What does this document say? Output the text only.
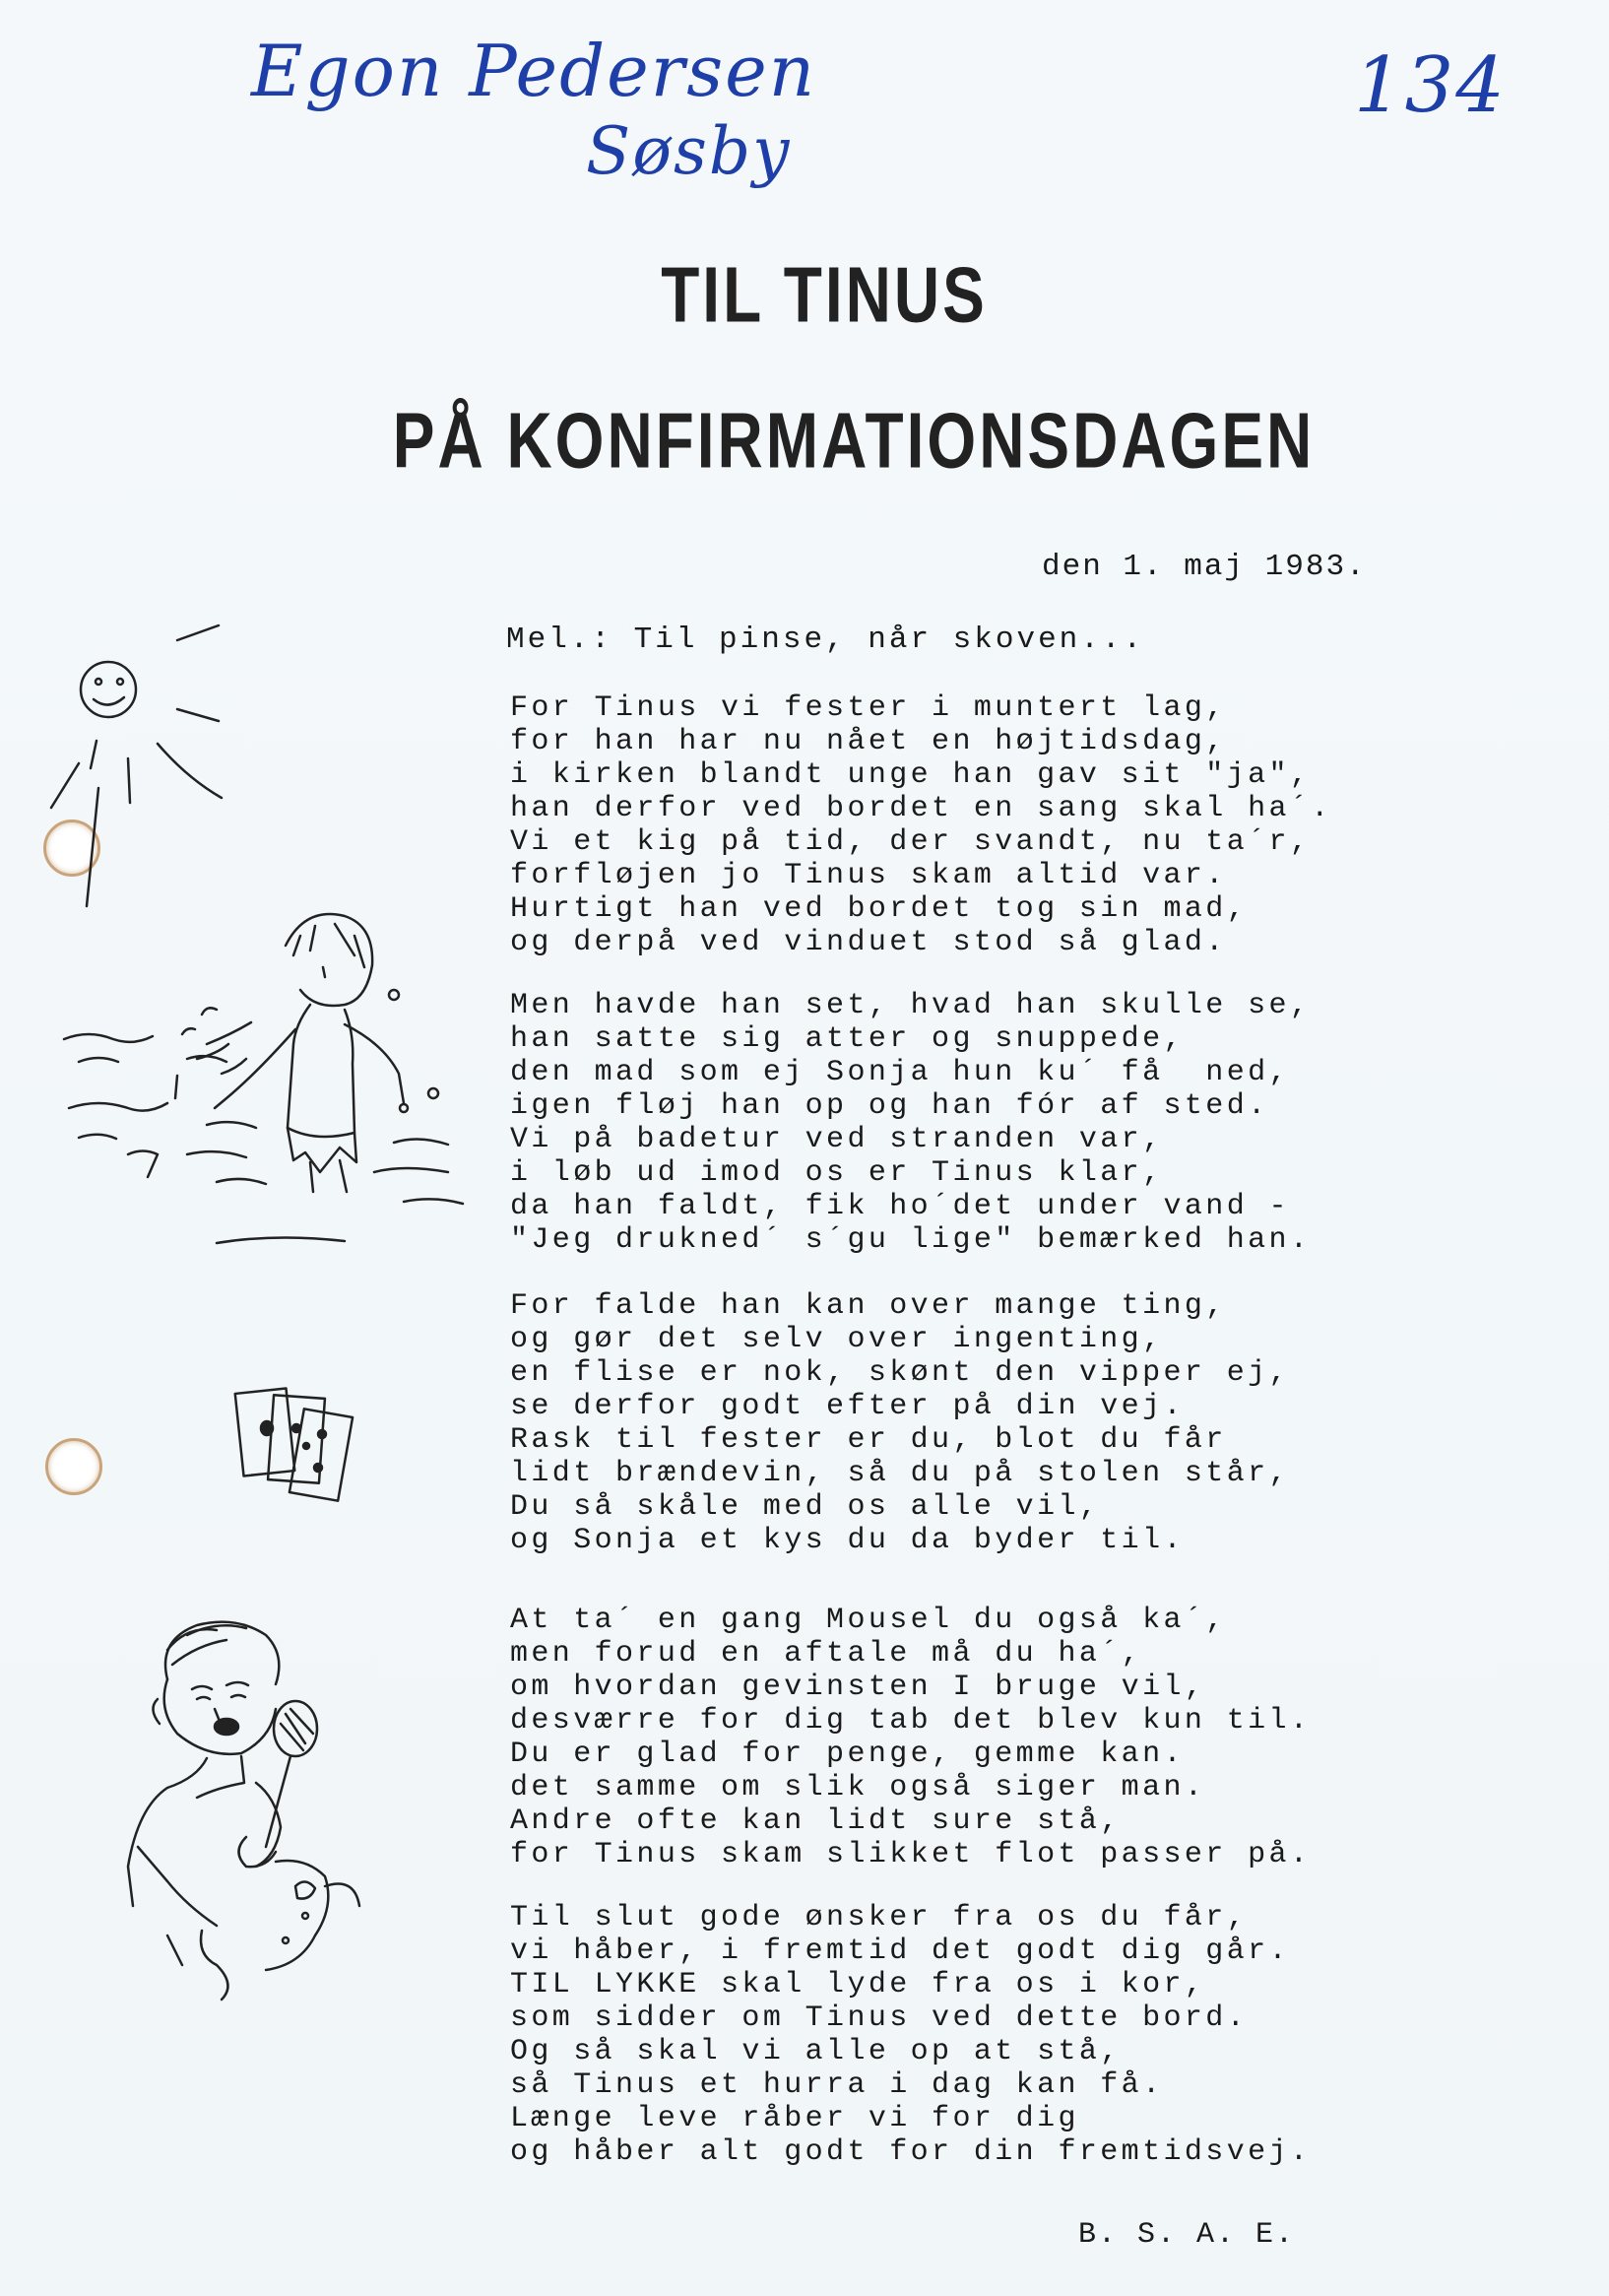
Egon Pedersen
Søsby
134
TIL TINUS
PÅ KONFIRMATIONSDAGEN
den 1. maj 1983.
Mel.: Til pinse, når skoven...

For Tinus vi fester i muntert lag,
for han har nu nået en højtidsdag,
i kirken blandt unge han gav sit "ja",
han derfor ved bordet en sang skal ha´.
Vi et kig på tid, der svandt, nu ta´r,
forfløjen jo Tinus skam altid var.
Hurtigt han ved bordet tog sin mad,
og derpå ved vinduet stod så glad.

Men havde han set, hvad han skulle se,
han satte sig atter og snuppede,
den mad som ej Sonja hun ku´ få  ned,
igen fløj han op og han fór af sted.
Vi på badetur ved stranden var,
i løb ud imod os er Tinus klar,
da han faldt, fik ho´det under vand -
"Jeg drukned´ s´gu lige" bemærked han.

For falde han kan over mange ting,
og gør det selv over ingenting,
en flise er nok, skønt den vipper ej,
se derfor godt efter på din vej.
Rask til fester er du, blot du får
lidt brændevin, så du på stolen står,
Du så skåle med os alle vil,
og Sonja et kys du da byder til.

At ta´ en gang Mousel du også ka´,
men forud en aftale må du ha´,
om hvordan gevinsten I bruge vil,
desværre for dig tab det blev kun til.
Du er glad for penge, gemme kan.
det samme om slik også siger man.
Andre ofte kan lidt sure stå,
for Tinus skam slikket flot passer på.

Til slut gode ønsker fra os du får,
vi håber, i fremtid det godt dig går.
TIL LYKKE skal lyde fra os i kor,
som sidder om Tinus ved dette bord.
Og så skal vi alle op at stå,
så Tinus et hurra i dag kan få.
Længe leve råber vi for dig
og håber alt godt for din fremtidsvej.

B. S. A. E.
